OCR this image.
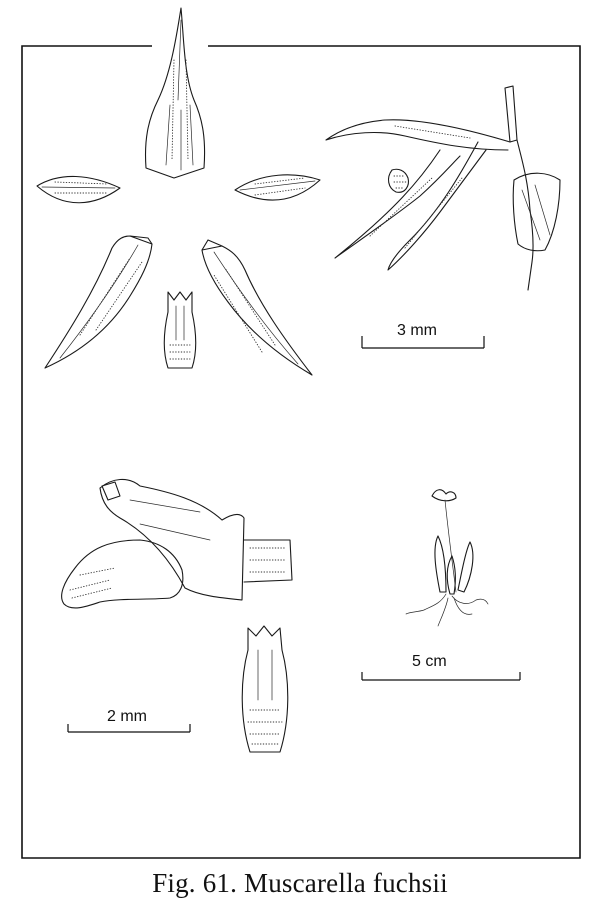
3 mm
2 mm
5 cm
Fig. 61. Muscarella fuchsii
